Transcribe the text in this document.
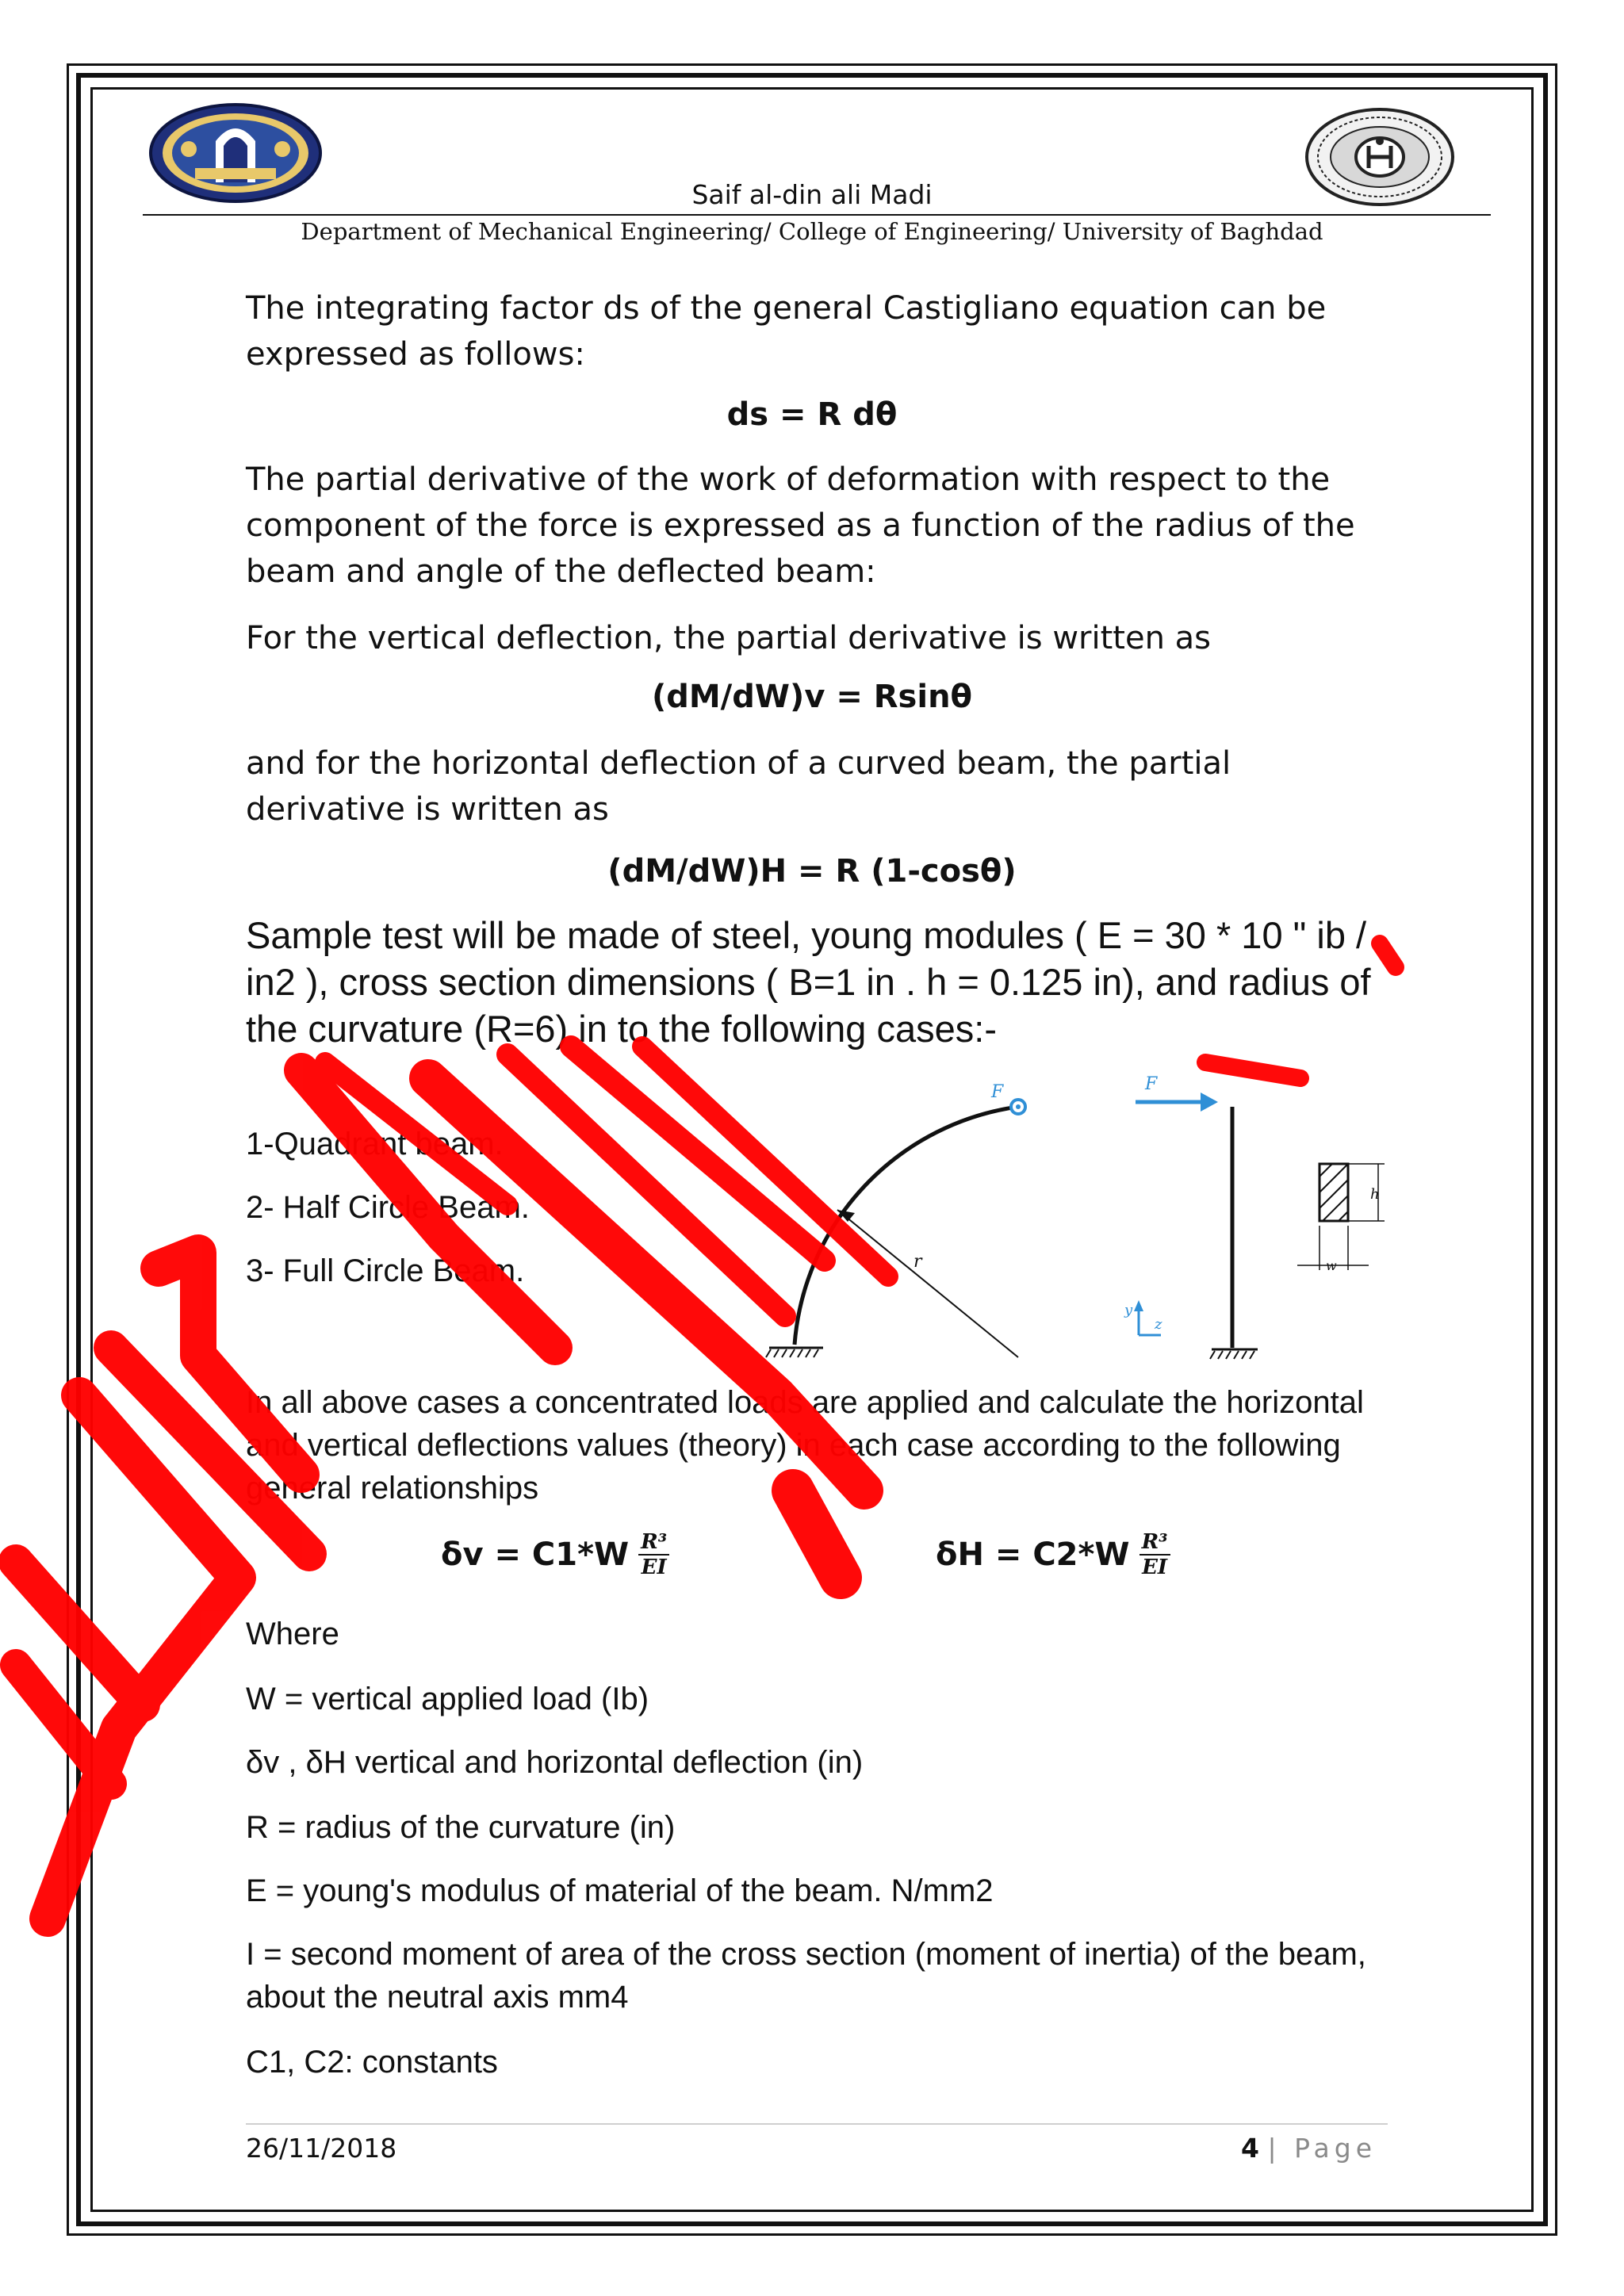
Saif al-din ali Madi
Department of Mechanical Engineering/ College of Engineering/ University of Baghdad
The integrating factor ds of the general Castigliano equation can be expressed as follows:
ds = R dθ
The partial derivative of the work of deformation with respect to the component of the force is expressed as a function of the radius of the beam and angle of the deflected beam:
For the vertical deflection, the partial derivative is written as
(dM/dW)v = Rsinθ
and for the horizontal deflection of a curved beam, the partial derivative is written as
(dM/dW)H = R (1-cosθ)
Sample test will be made of steel, young modules ( E = 30 * 10 " ib / in2 ), cross section dimensions ( B=1 in . h = 0.125 in), and radius of the curvature (R=6) in to the following cases:-
1-Quadrant beam.
2- Half Circle Beam.
3- Full Circle Beam.
F
r
F
y
z
h
w
In all above cases a concentrated loads are applied and calculate the horizontal and vertical deflections values (theory) in each case according to the following general relationships
$\delta v = C1*W \frac{\text{R³}}{EI}$	$\delta H = C2*W \frac{\text{R³}}{EI}$
Where
W = vertical applied load (Ib)
δv , δH vertical and horizontal deflection (in)
R = radius of the curvature (in)
E = young's modulus of material of the beam. N/mm2
I = second moment of area of the cross section (moment of inertia) of the beam, about the neutral axis mm4
C1, C2: constants
26/11/2018	4 | Page
